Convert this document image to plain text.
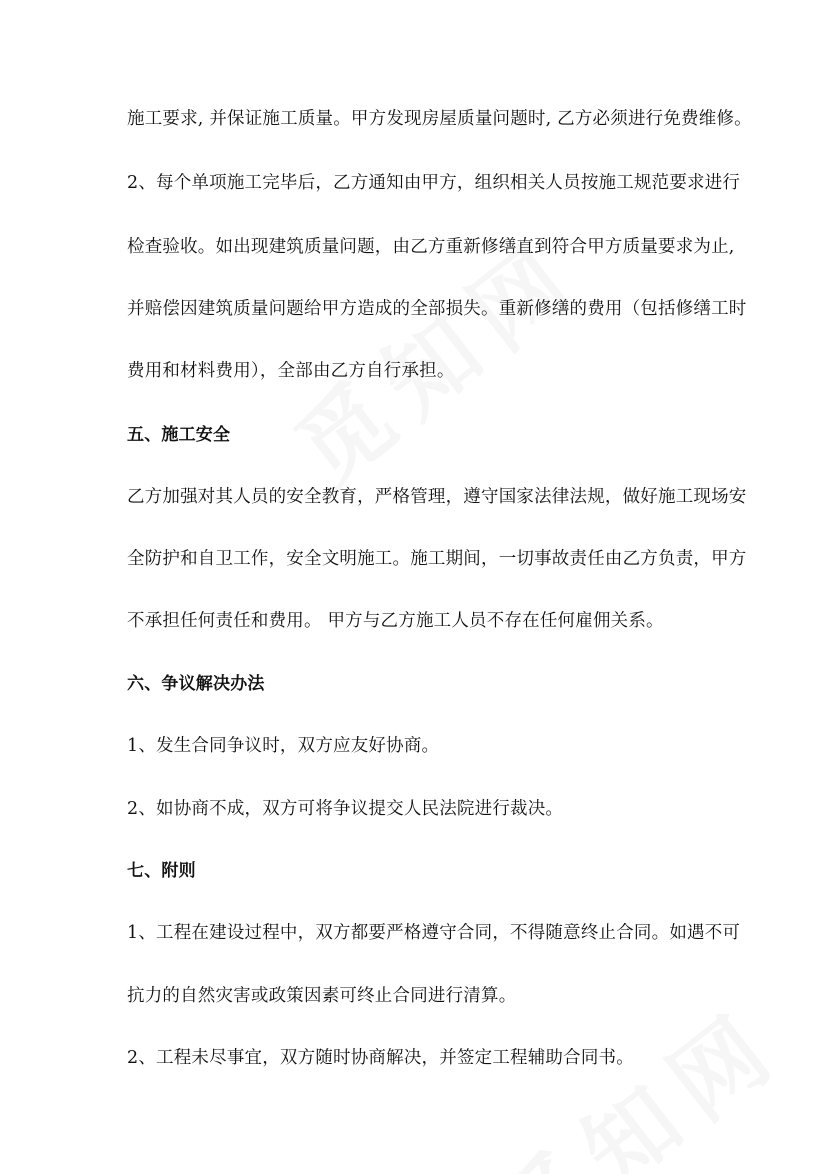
施工要求, 并保证施工质量。甲方发现房屋质量问题时, 乙方必须进行免费维修。
2、每个单项施工完毕后，乙方通知由甲方，组织相关人员按施工规范要求进行
检查验收。如出现建筑质量问题，由乙方重新修缮直到符合甲方质量要求为止,
并赔偿因建筑质量问题给甲方造成的全部损失。重新修缮的费用（包括修缮工时
费用和材料费用），全部由乙方自行承担。
五、施工安全
乙方加强对其人员的安全教育，严格管理，遵守国家法律法规，做好施工现场安
全防护和自卫工作，安全文明施工。施工期间，一切事故责任由乙方负责，甲方
不承担任何责任和费用。 甲方与乙方施工人员不存在任何雇佣关系。
六、争议解决办法
1、发生合同争议时，双方应友好协商。
2、如协商不成，双方可将争议提交人民法院进行裁决。
七、附则
1、工程在建设过程中，双方都要严格遵守合同，不得随意终止合同。如遇不可
抗力的自然灾害或政策因素可终止合同进行清算。
2、工程未尽事宜，双方随时协商解决，并签定工程辅助合同书。
